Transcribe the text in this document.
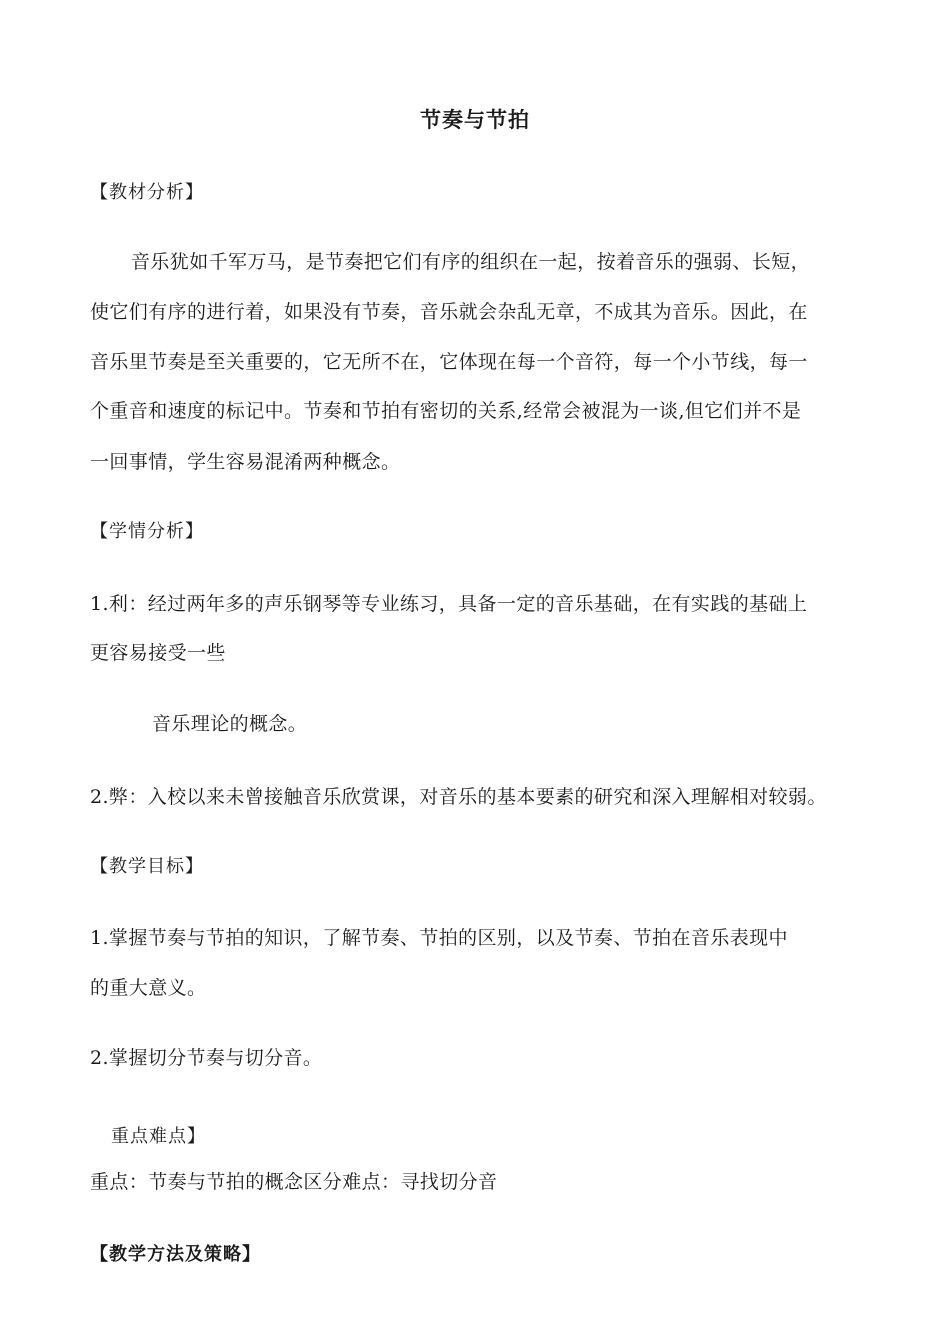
节奏与节拍
【教材分析】
音乐犹如千军万马，是节奏把它们有序的组织在一起，按着音乐的强弱、长短，
使它们有序的进行着，如果没有节奏，音乐就会杂乱无章，不成其为音乐。因此，在
音乐里节奏是至关重要的，它无所不在，它体现在每一个音符，每一个小节线，每一
个重音和速度的标记中。节奏和节拍有密切的关系,经常会被混为一谈,但它们并不是
一回事情，学生容易混淆两种概念。
【学情分析】
1.利：经过两年多的声乐钢琴等专业练习，具备一定的音乐基础，在有实践的基础上
更容易接受一些
音乐理论的概念。
2.弊：入校以来未曾接触音乐欣赏课，对音乐的基本要素的研究和深入理解相对较弱。
【教学目标】
1.掌握节奏与节拍的知识，了解节奏、节拍的区别，以及节奏、节拍在音乐表现中
的重大意义。
2.掌握切分节奏与切分音。
重点难点】
重点：节奏与节拍的概念区分难点：寻找切分音
【教学方法及策略】
